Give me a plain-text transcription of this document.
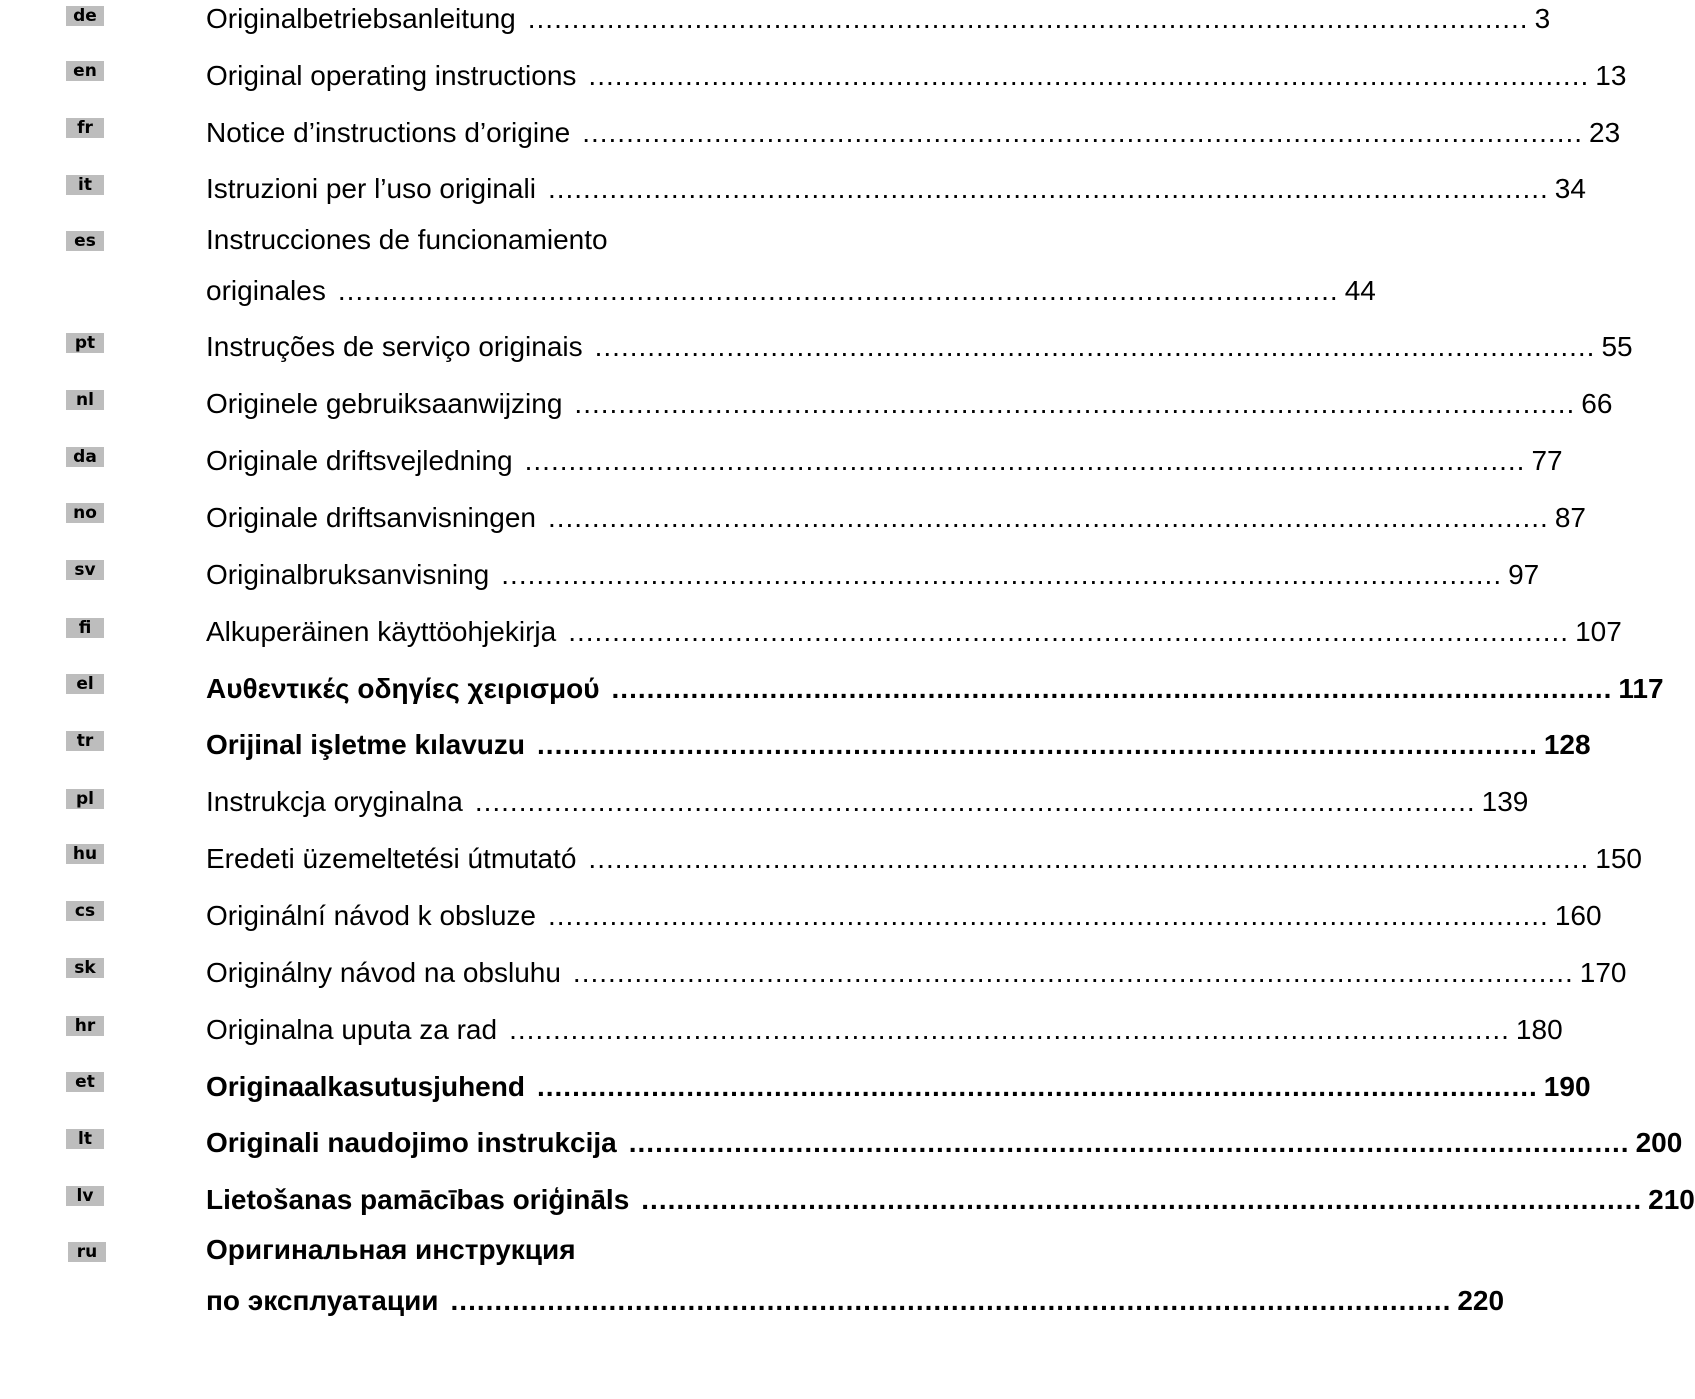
de	Originalbetriebsanleitung .................................................................................................................. 3
en	Original operating instructions .................................................................................................................. 13
fr	Notice d’instructions d’origine .................................................................................................................. 23
it	Istruzioni per l’uso originali .................................................................................................................. 34
es	Instrucciones de funcionamiento
originales .................................................................................................................. 44
pt	Instruções de serviço originais .................................................................................................................. 55
nl	Originele gebruiksaanwijzing .................................................................................................................. 66
da	Originale driftsvejledning .................................................................................................................. 77
no	Originale driftsanvisningen .................................................................................................................. 87
sv	Originalbruksanvisning .................................................................................................................. 97
fi	Alkuperäinen käyttöohjekirja .................................................................................................................. 107
el	Αυθεντικές οδηγίες χειρισμού .................................................................................................................. 117
tr	Orijinal işletme kılavuzu .................................................................................................................. 128
pl	Instrukcja oryginalna .................................................................................................................. 139
hu	Eredeti üzemeltetési útmutató .................................................................................................................. 150
cs	Originální návod k obsluze .................................................................................................................. 160
sk	Originálny návod na obsluhu .................................................................................................................. 170
hr	Originalna uputa za rad .................................................................................................................. 180
et	Originaalkasutusjuhend .................................................................................................................. 190
lt	Originali naudojimo instrukcija .................................................................................................................. 200
lv	Lietošanas pamācības oriģināls .................................................................................................................. 210
ru	Оригинальная инструкция
по эксплуатации .................................................................................................................. 220
